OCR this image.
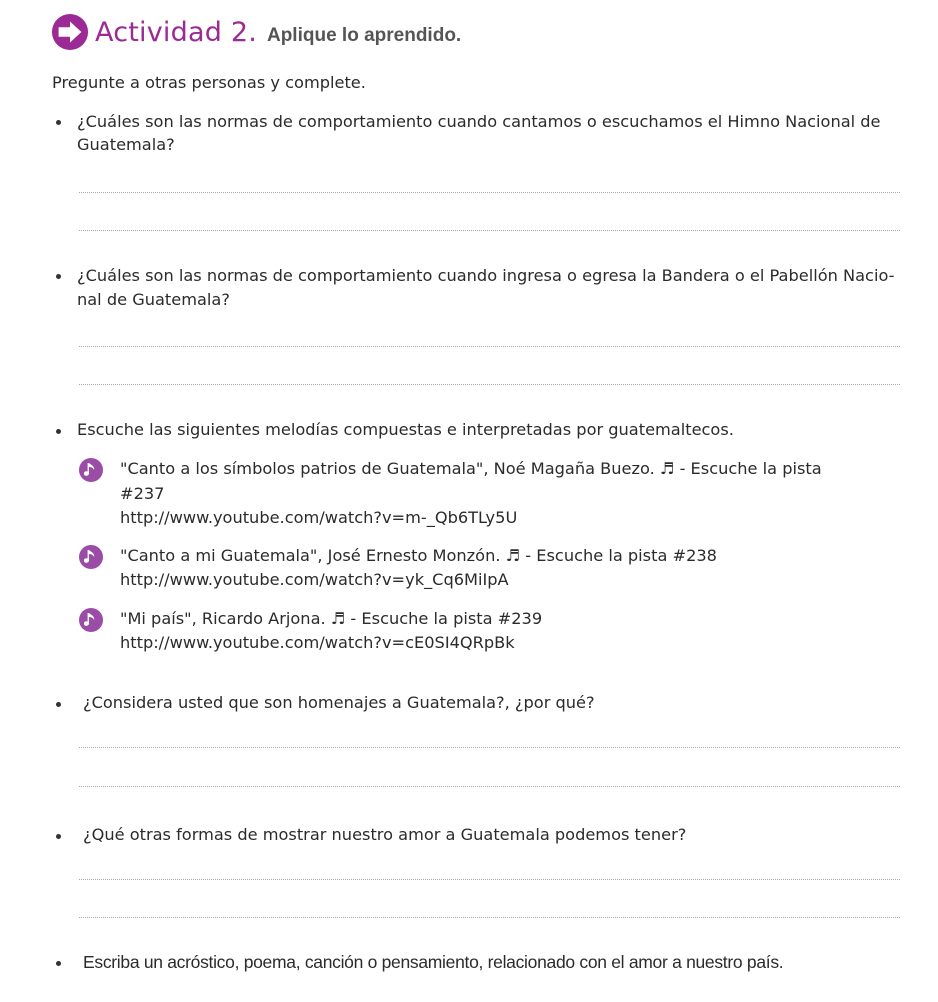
Actividad 2. Aplique lo aprendido.
Pregunte a otras personas y complete.
¿Cuáles son las normas de comportamiento cuando cantamos o escuchamos el Himno Nacional de
Guatemala?
¿Cuáles son las normas de comportamiento cuando ingresa o egresa la Bandera o el Pabellón Nacio-
nal de Guatemala?
Escuche las siguientes melodías compuestas e interpretadas por guatemaltecos.
"Canto a los símbolos patrios de Guatemala", Noé Magaña Buezo. ♬ - Escuche la pista
#237
http://www.youtube.com/watch?v=m-_Qb6TLy5U
"Canto a mi Guatemala", José Ernesto Monzón. ♬ - Escuche la pista #238
http://www.youtube.com/watch?v=yk_Cq6MiIpA
"Mi país", Ricardo Arjona. ♬ - Escuche la pista #239
http://www.youtube.com/watch?v=cE0SI4QRpBk
¿Considera usted que son homenajes a Guatemala?, ¿por qué?
¿Qué otras formas de mostrar nuestro amor a Guatemala podemos tener?
Escriba un acróstico, poema, canción o pensamiento, relacionado con el amor a nuestro país.
